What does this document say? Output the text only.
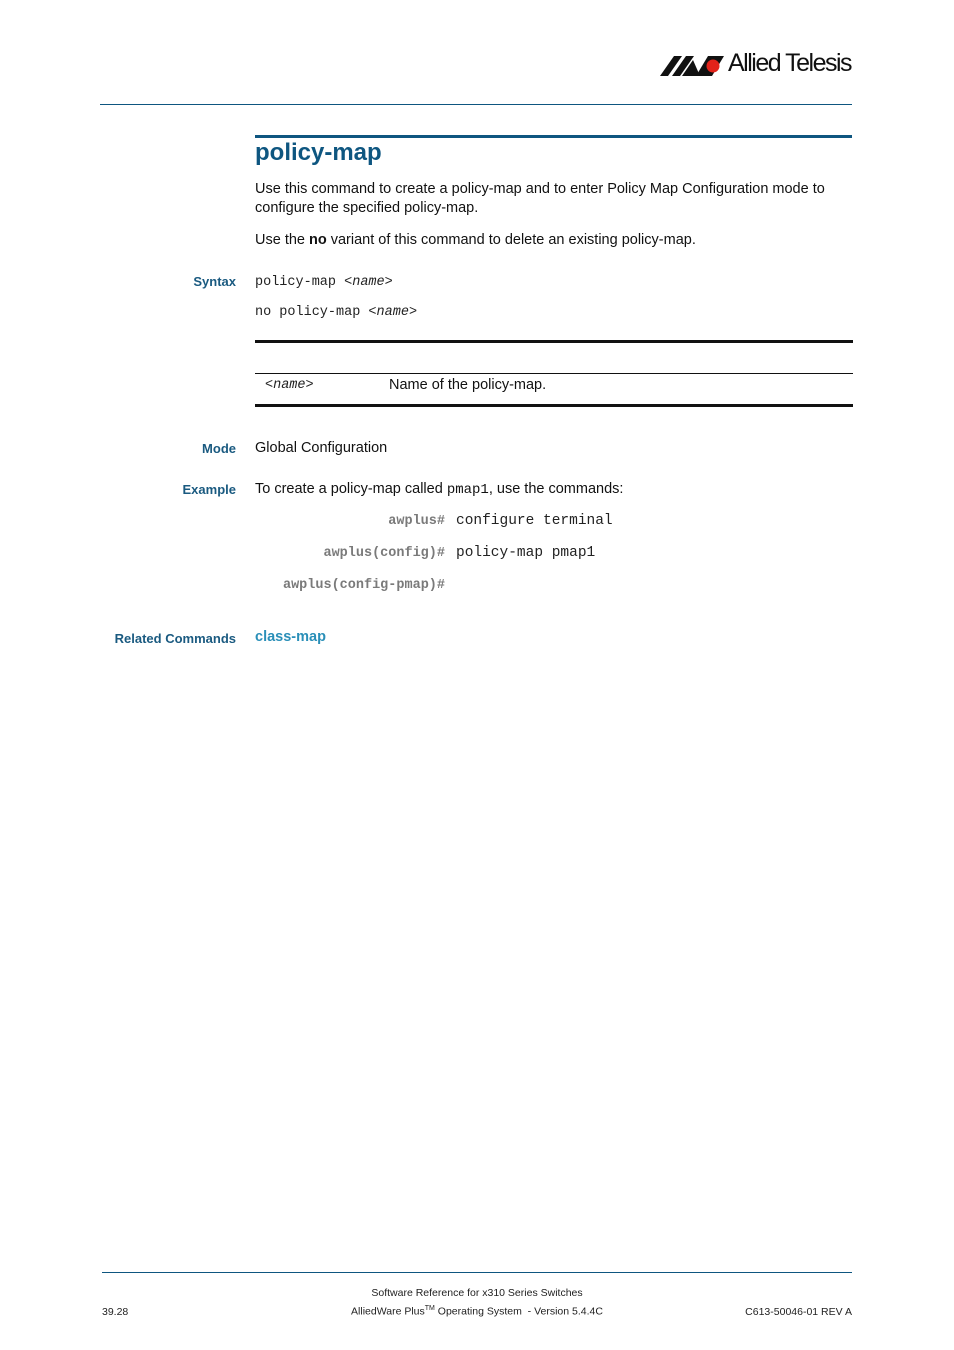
Allied Telesis
policy-map
Use this command to create a policy-map and to enter Policy Map Configuration mode to configure the specified policy-map.
Use the no variant of this command to delete an existing policy-map.
Syntax policy-map <name>
no policy-map <name>
<name>	Name of the policy-map.
Mode Global Configuration
Example To create a policy-map called pmap1, use the commands:
awplus# configure terminal
awplus(config)# policy-map pmap1
awplus(config-pmap)#
Related Commands class-map
Software Reference for x310 Series Switches
39.28	AlliedWare Plus™ Operating System  - Version 5.4.4C	C613-50046-01 REV A
